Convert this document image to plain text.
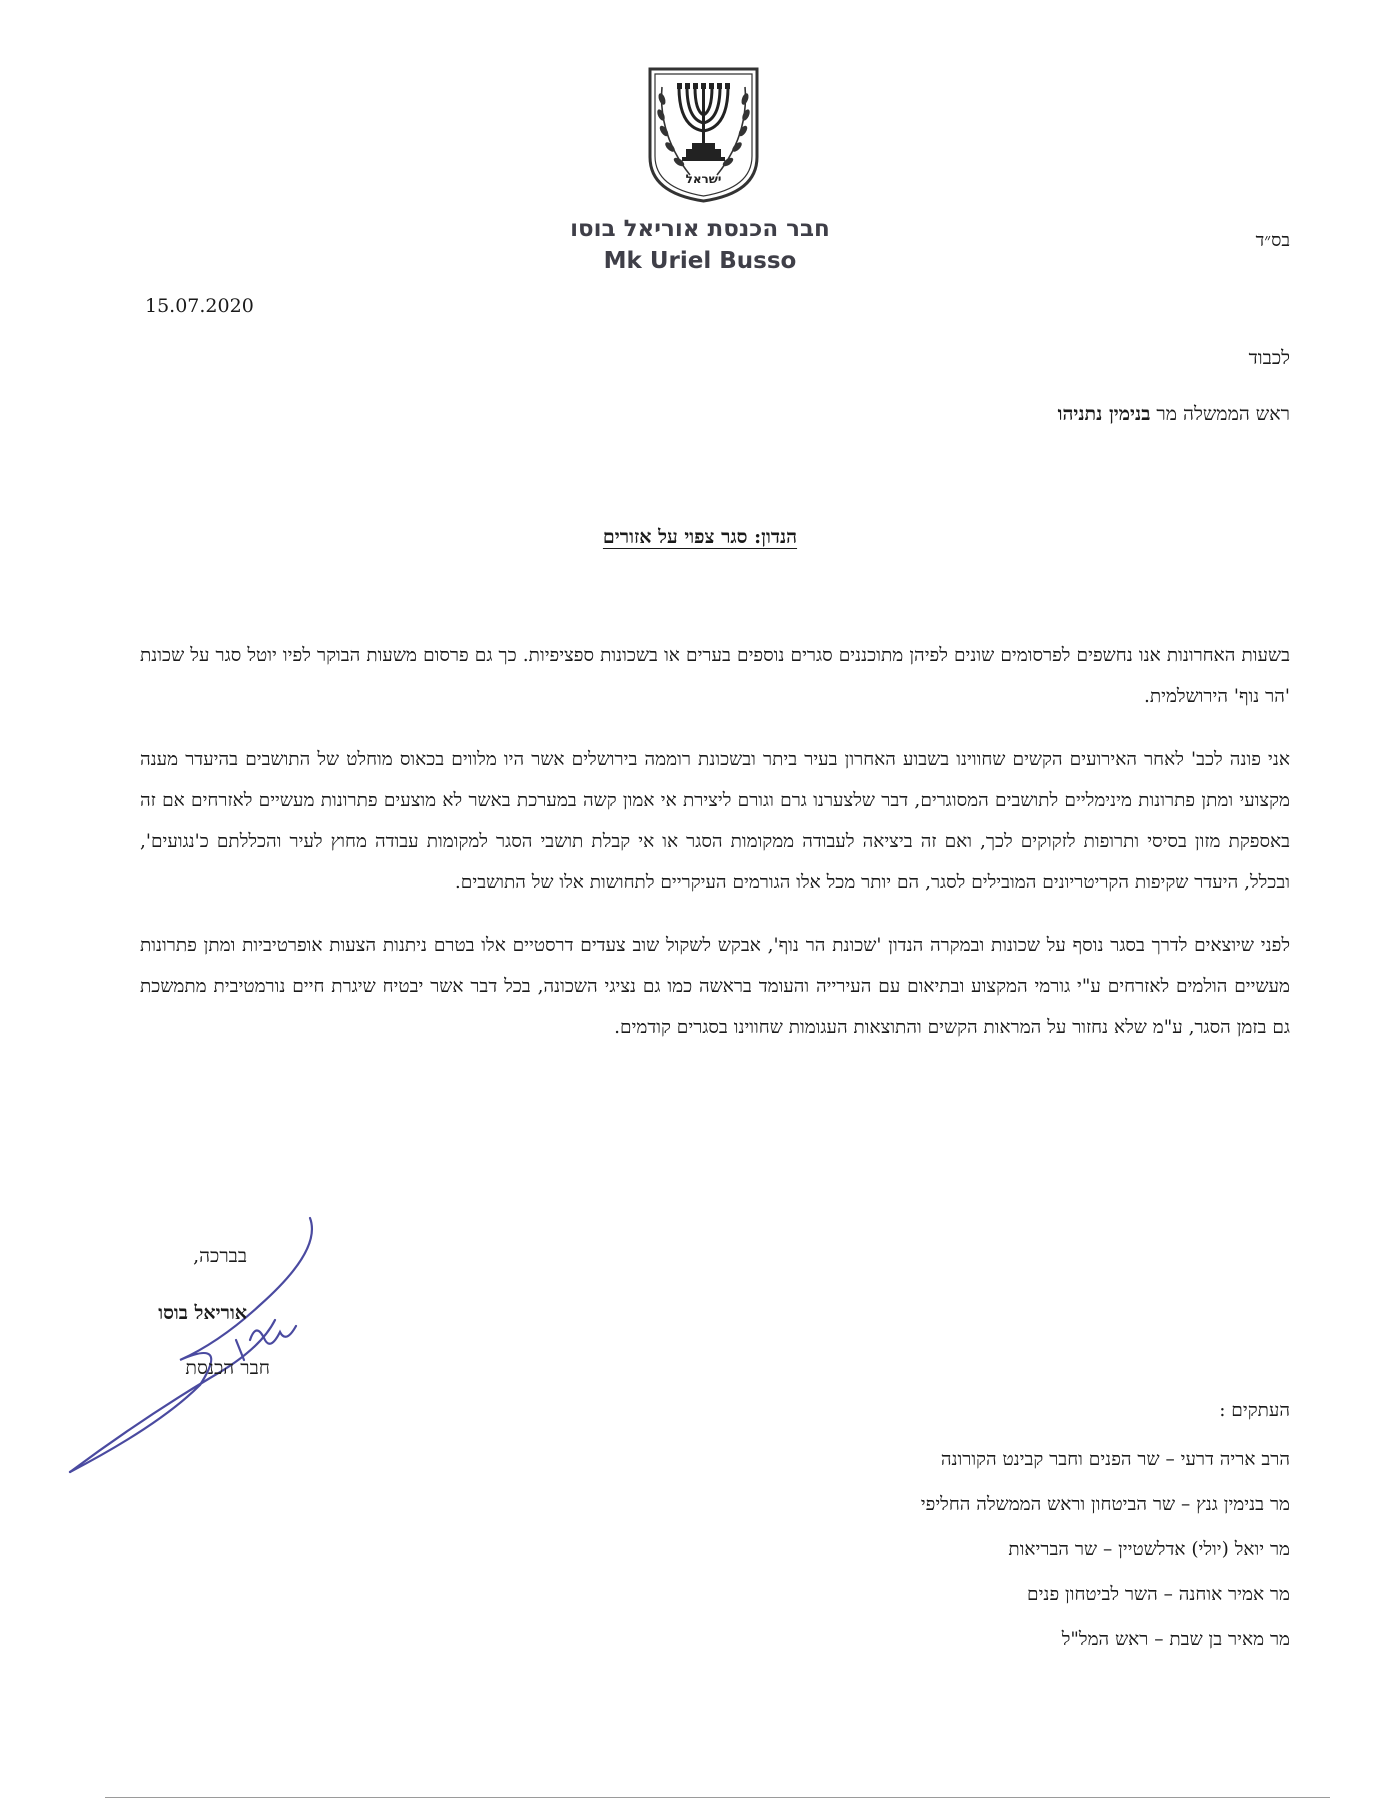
ישראל
חבר הכנסת אוריאל בוסו
Mk Uriel Busso
בס״ד
15.07.2020
לכבוד
ראש הממשלה מר בנימין נתניהו
הנדון: סגר צפוי על אזורים

בשעות האחרונות אנו נחשפים לפרסומים שונים לפיהן מתוכננים סגרים נוספים בערים או בשכונות ספציפיות. כך גם פרסום משעות הבוקר לפיו יוטל סגר על שכונת 'הר נוף' הירושלמית.

אני פונה לכב' לאחר האירועים הקשים שחווינו בשבוע האחרון בעיר ביתר ובשכונת רוממה בירושלים אשר היו מלווים בכאוס מוחלט של התושבים בהיעדר מענה מקצועי ומתן פתרונות מינימליים לתושבים המסוגרים, דבר שלצערנו גרם וגורם ליצירת אי אמון קשה במערכת באשר לא מוצעים פתרונות מעשיים לאזרחים אם זה באספקת מזון בסיסי ותרופות לזקוקים לכך, ואם זה ביציאה לעבודה ממקומות הסגר או אי קבלת תושבי הסגר למקומות עבודה מחוץ לעיר והכללתם כ'נגועים', ובכלל, היעדר שקיפות הקריטריונים המובילים לסגר, הם יותר מכל אלו הגורמים העיקריים לתחושות אלו של התושבים.

לפני שיוצאים לדרך בסגר נוסף על שכונות ובמקרה הנדון 'שכונת הר נוף', אבקש לשקול שוב צעדים דרסטיים אלו בטרם ניתנות הצעות אופרטיביות ומתן פתרונות מעשיים הולמים לאזרחים ע"י גורמי המקצוע ובתיאום עם העירייה והעומד בראשה כמו גם נציגי השכונה, בכל דבר אשר יבטיח שיגרת חיים נורמטיבית מתמשכת גם בזמן הסגר, ע"מ שלא נחזור על המראות הקשים והתוצאות העגומות שחווינו בסגרים קודמים.

בברכה,
אוריאל בוסו
חבר הכנסת
העתקים :
הרב אריה דרעי – שר הפנים וחבר קבינט הקורונה
מר בנימין גנץ – שר הביטחון וראש הממשלה החליפי
מר יואל (יולי) אדלשטיין – שר הבריאות
מר אמיר אוחנה – השר לביטחון פנים
מר מאיר בן שבת – ראש המל"ל
